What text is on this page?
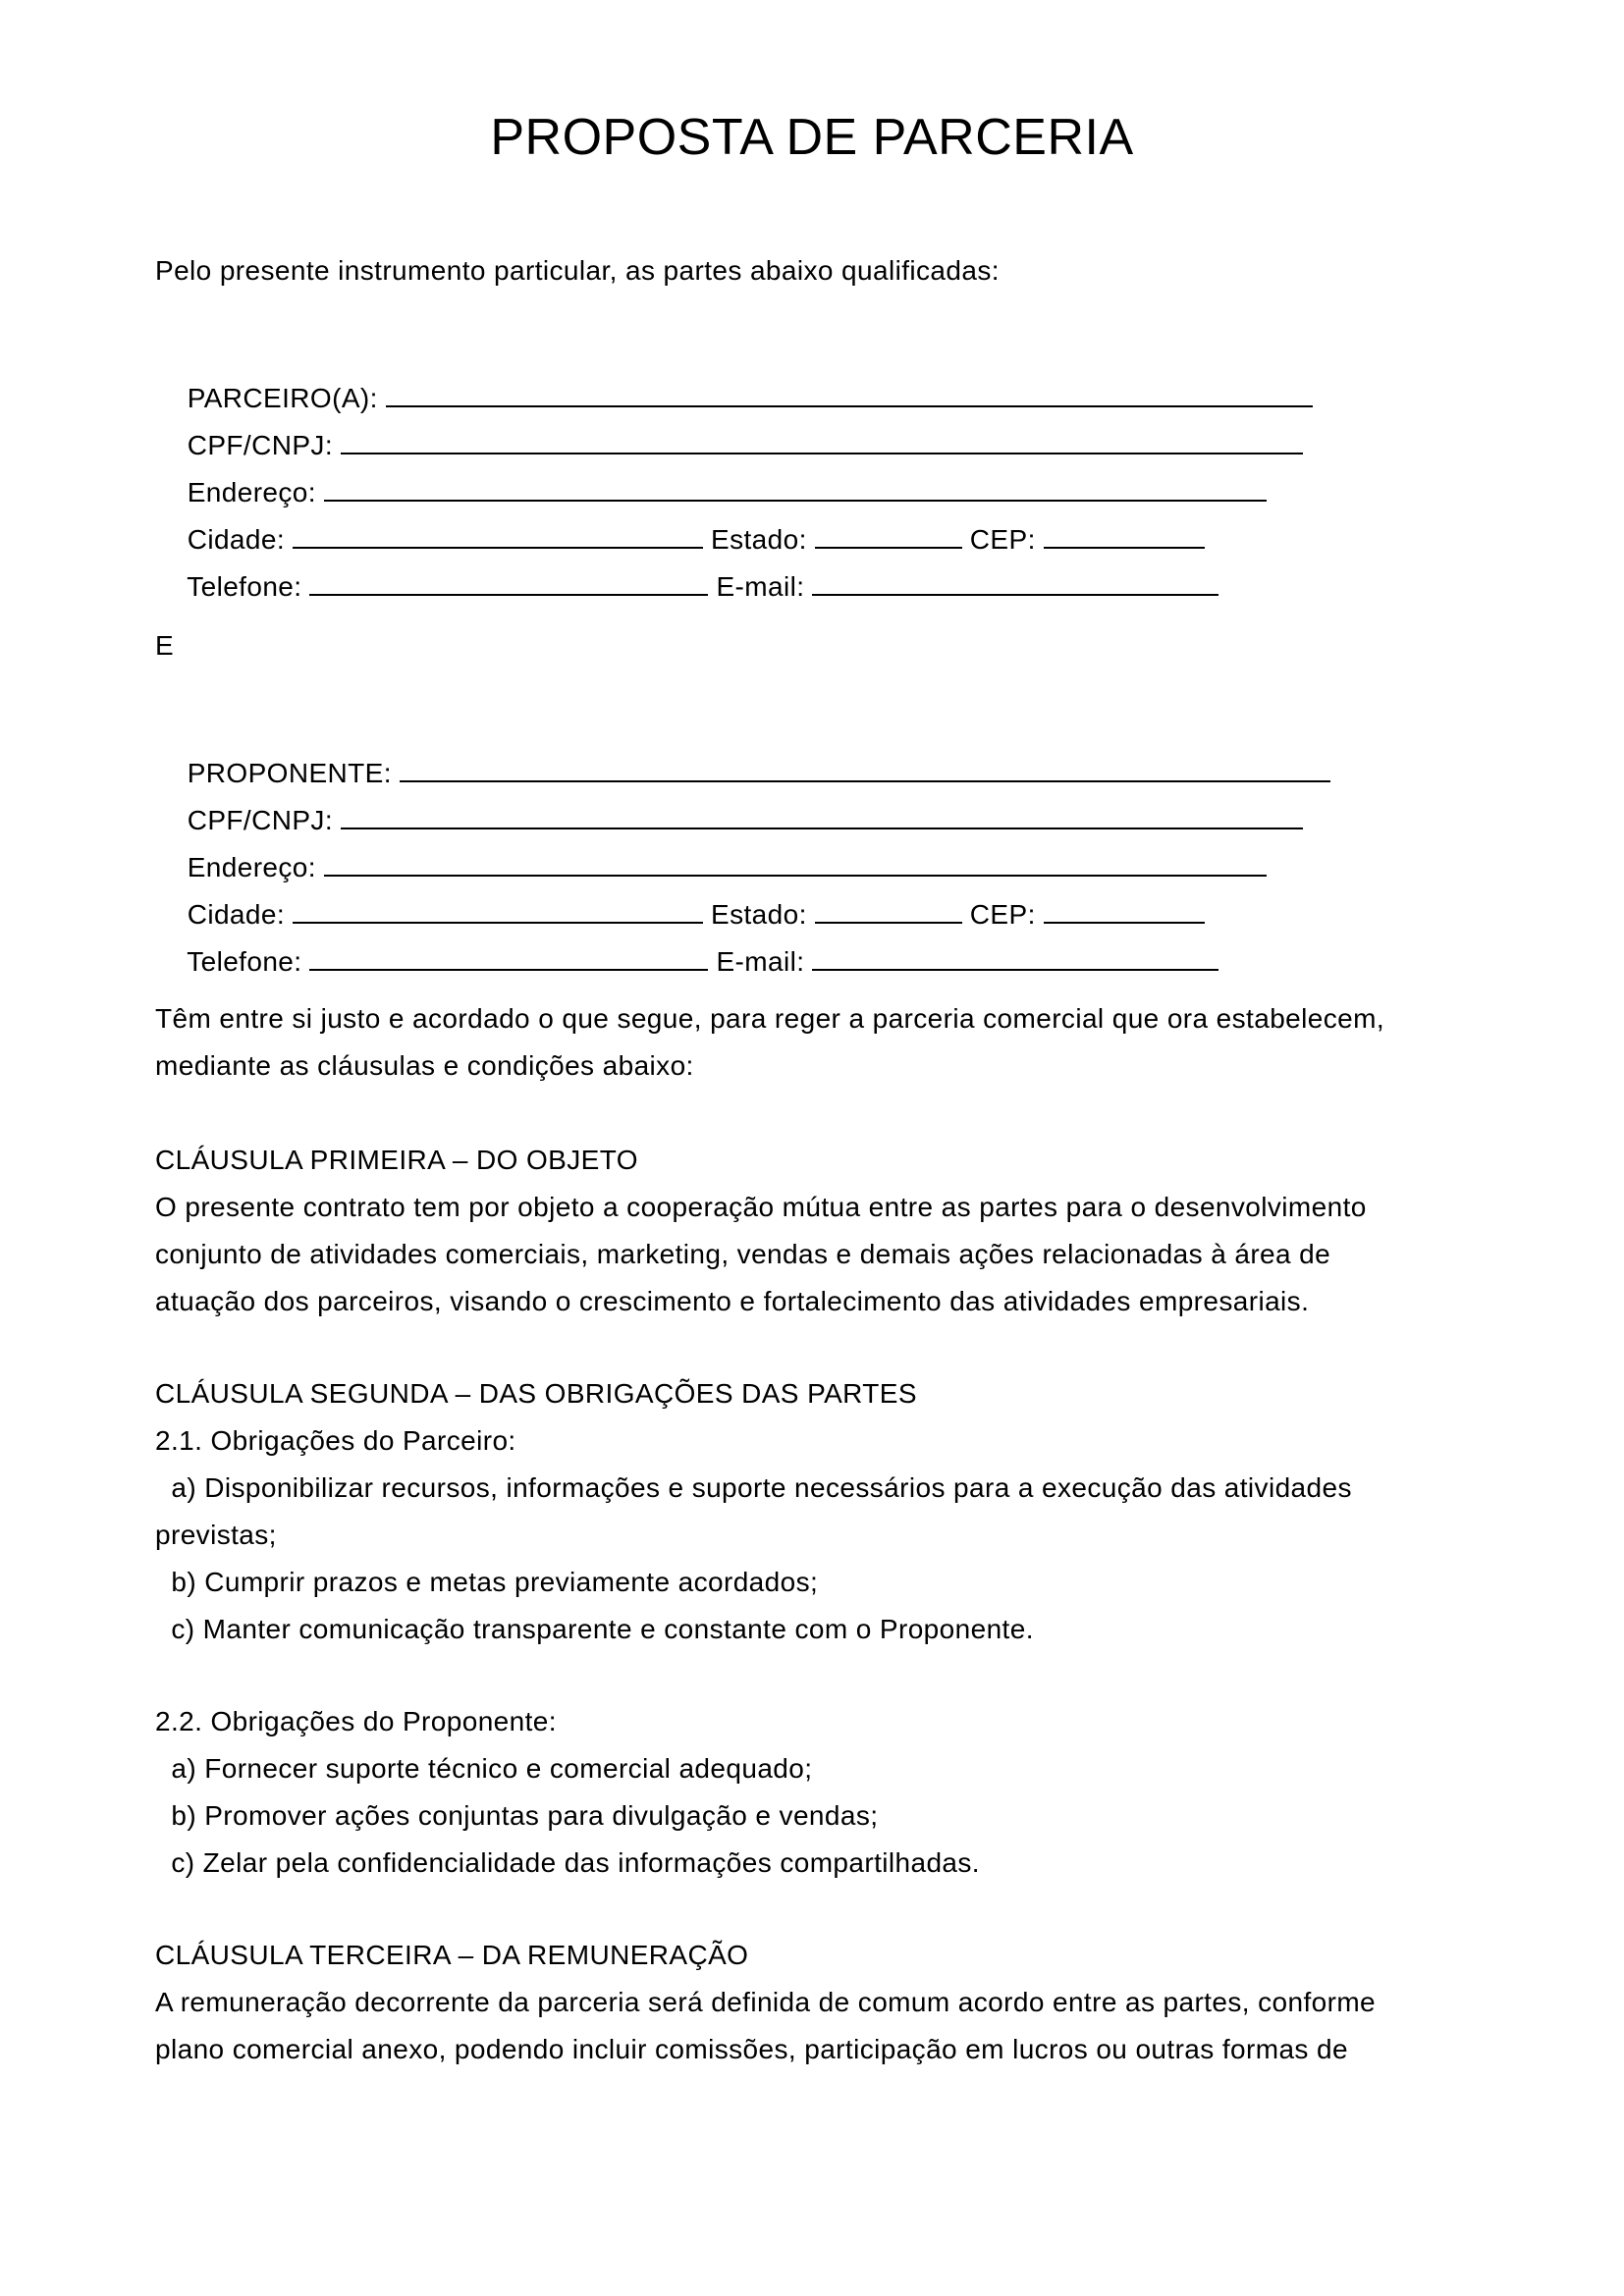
PROPOSTA DE PARCERIA
Pelo presente instrumento particular, as partes abaixo qualificadas:

PARCEIRO(A):

CPF/CNPJ:

Endereço:

Cidade:	Estado:	CEP:

Telefone:	E-mail:

E

PROPONENTE:

CPF/CNPJ:

Endereço:

Cidade:	Estado:	CEP:

Telefone:	E-mail:

Têm entre si justo e acordado o que segue, para reger a parceria comercial que ora estabelecem,
mediante as cláusulas e condições abaixo:
CLÁUSULA PRIMEIRA – DO OBJETO
O presente contrato tem por objeto a cooperação mútua entre as partes para o desenvolvimento
conjunto de atividades comerciais, marketing, vendas e demais ações relacionadas à área de
atuação dos parceiros, visando o crescimento e fortalecimento das atividades empresariais.
CLÁUSULA SEGUNDA – DAS OBRIGAÇÕES DAS PARTES
2.1. Obrigações do Parceiro:
a) Disponibilizar recursos, informações e suporte necessários para a execução das atividades
previstas;
b) Cumprir prazos e metas previamente acordados;
c) Manter comunicação transparente e constante com o Proponente.
2.2. Obrigações do Proponente:
a) Fornecer suporte técnico e comercial adequado;
b) Promover ações conjuntas para divulgação e vendas;
c) Zelar pela confidencialidade das informações compartilhadas.
CLÁUSULA TERCEIRA – DA REMUNERAÇÃO
A remuneração decorrente da parceria será definida de comum acordo entre as partes, conforme
plano comercial anexo, podendo incluir comissões, participação em lucros ou outras formas de
